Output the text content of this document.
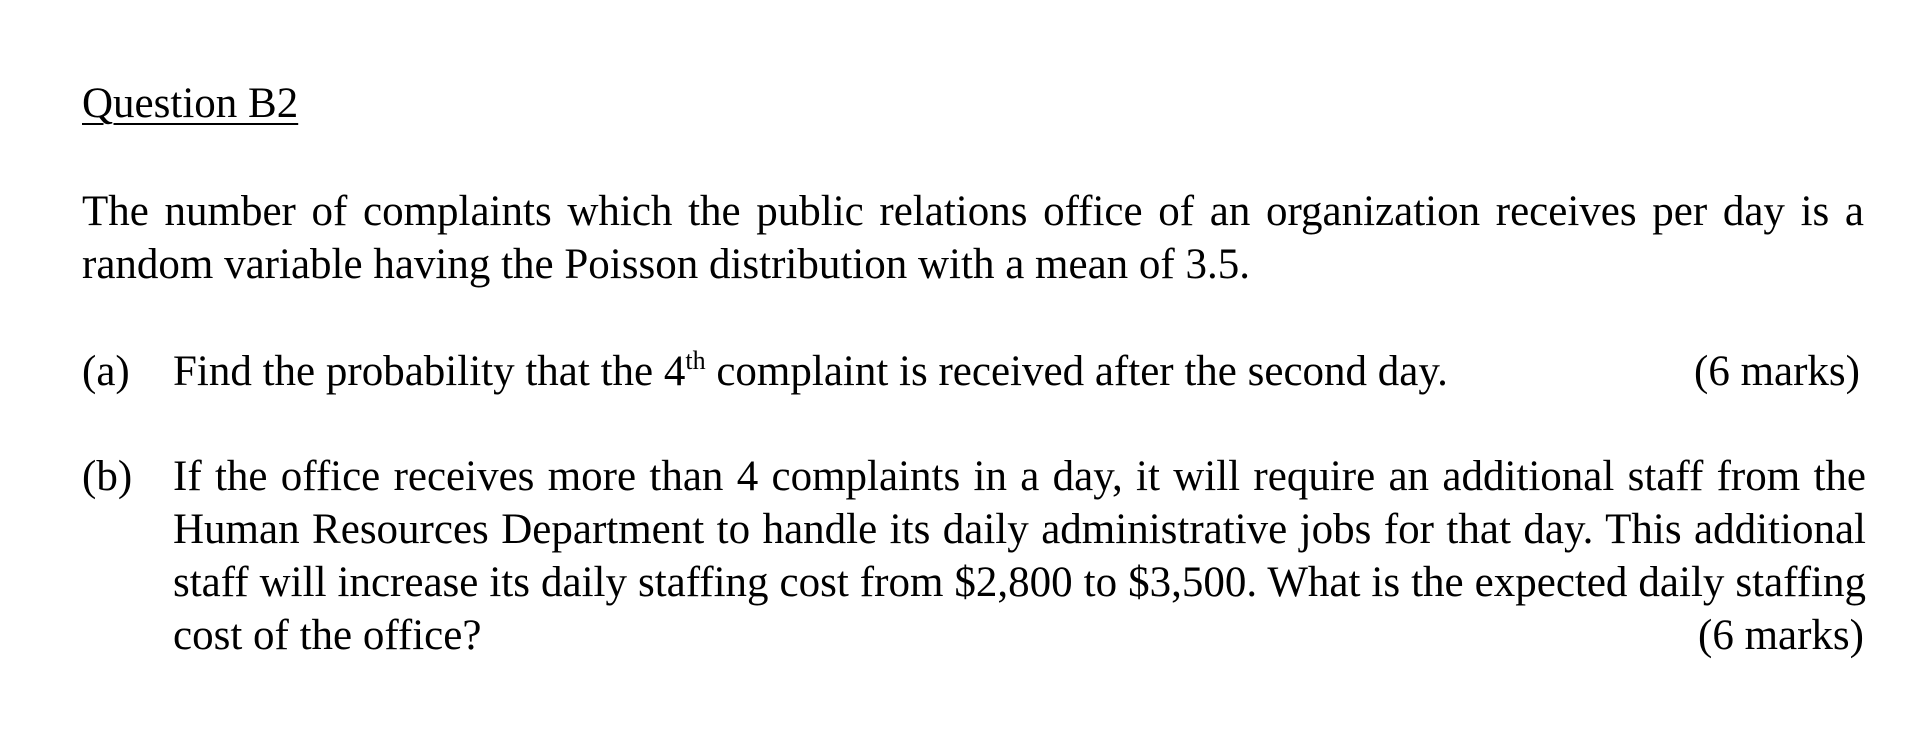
Question B2
The number of complaints which the public relations office of an organization receives per day is a random variable having the Poisson distribution with a mean of 3.5.
(a) Find the probability that the 4th complaint is received after the second day.	(6 marks)
(b) If the office receives more than 4 complaints in a day, it will require an additional staff from the Human Resources Department to handle its daily administrative jobs for that day. This additional staff will increase its daily staffing cost from $2,800 to $3,500. What is the expected daily staffing cost of the office?	(6 marks)
